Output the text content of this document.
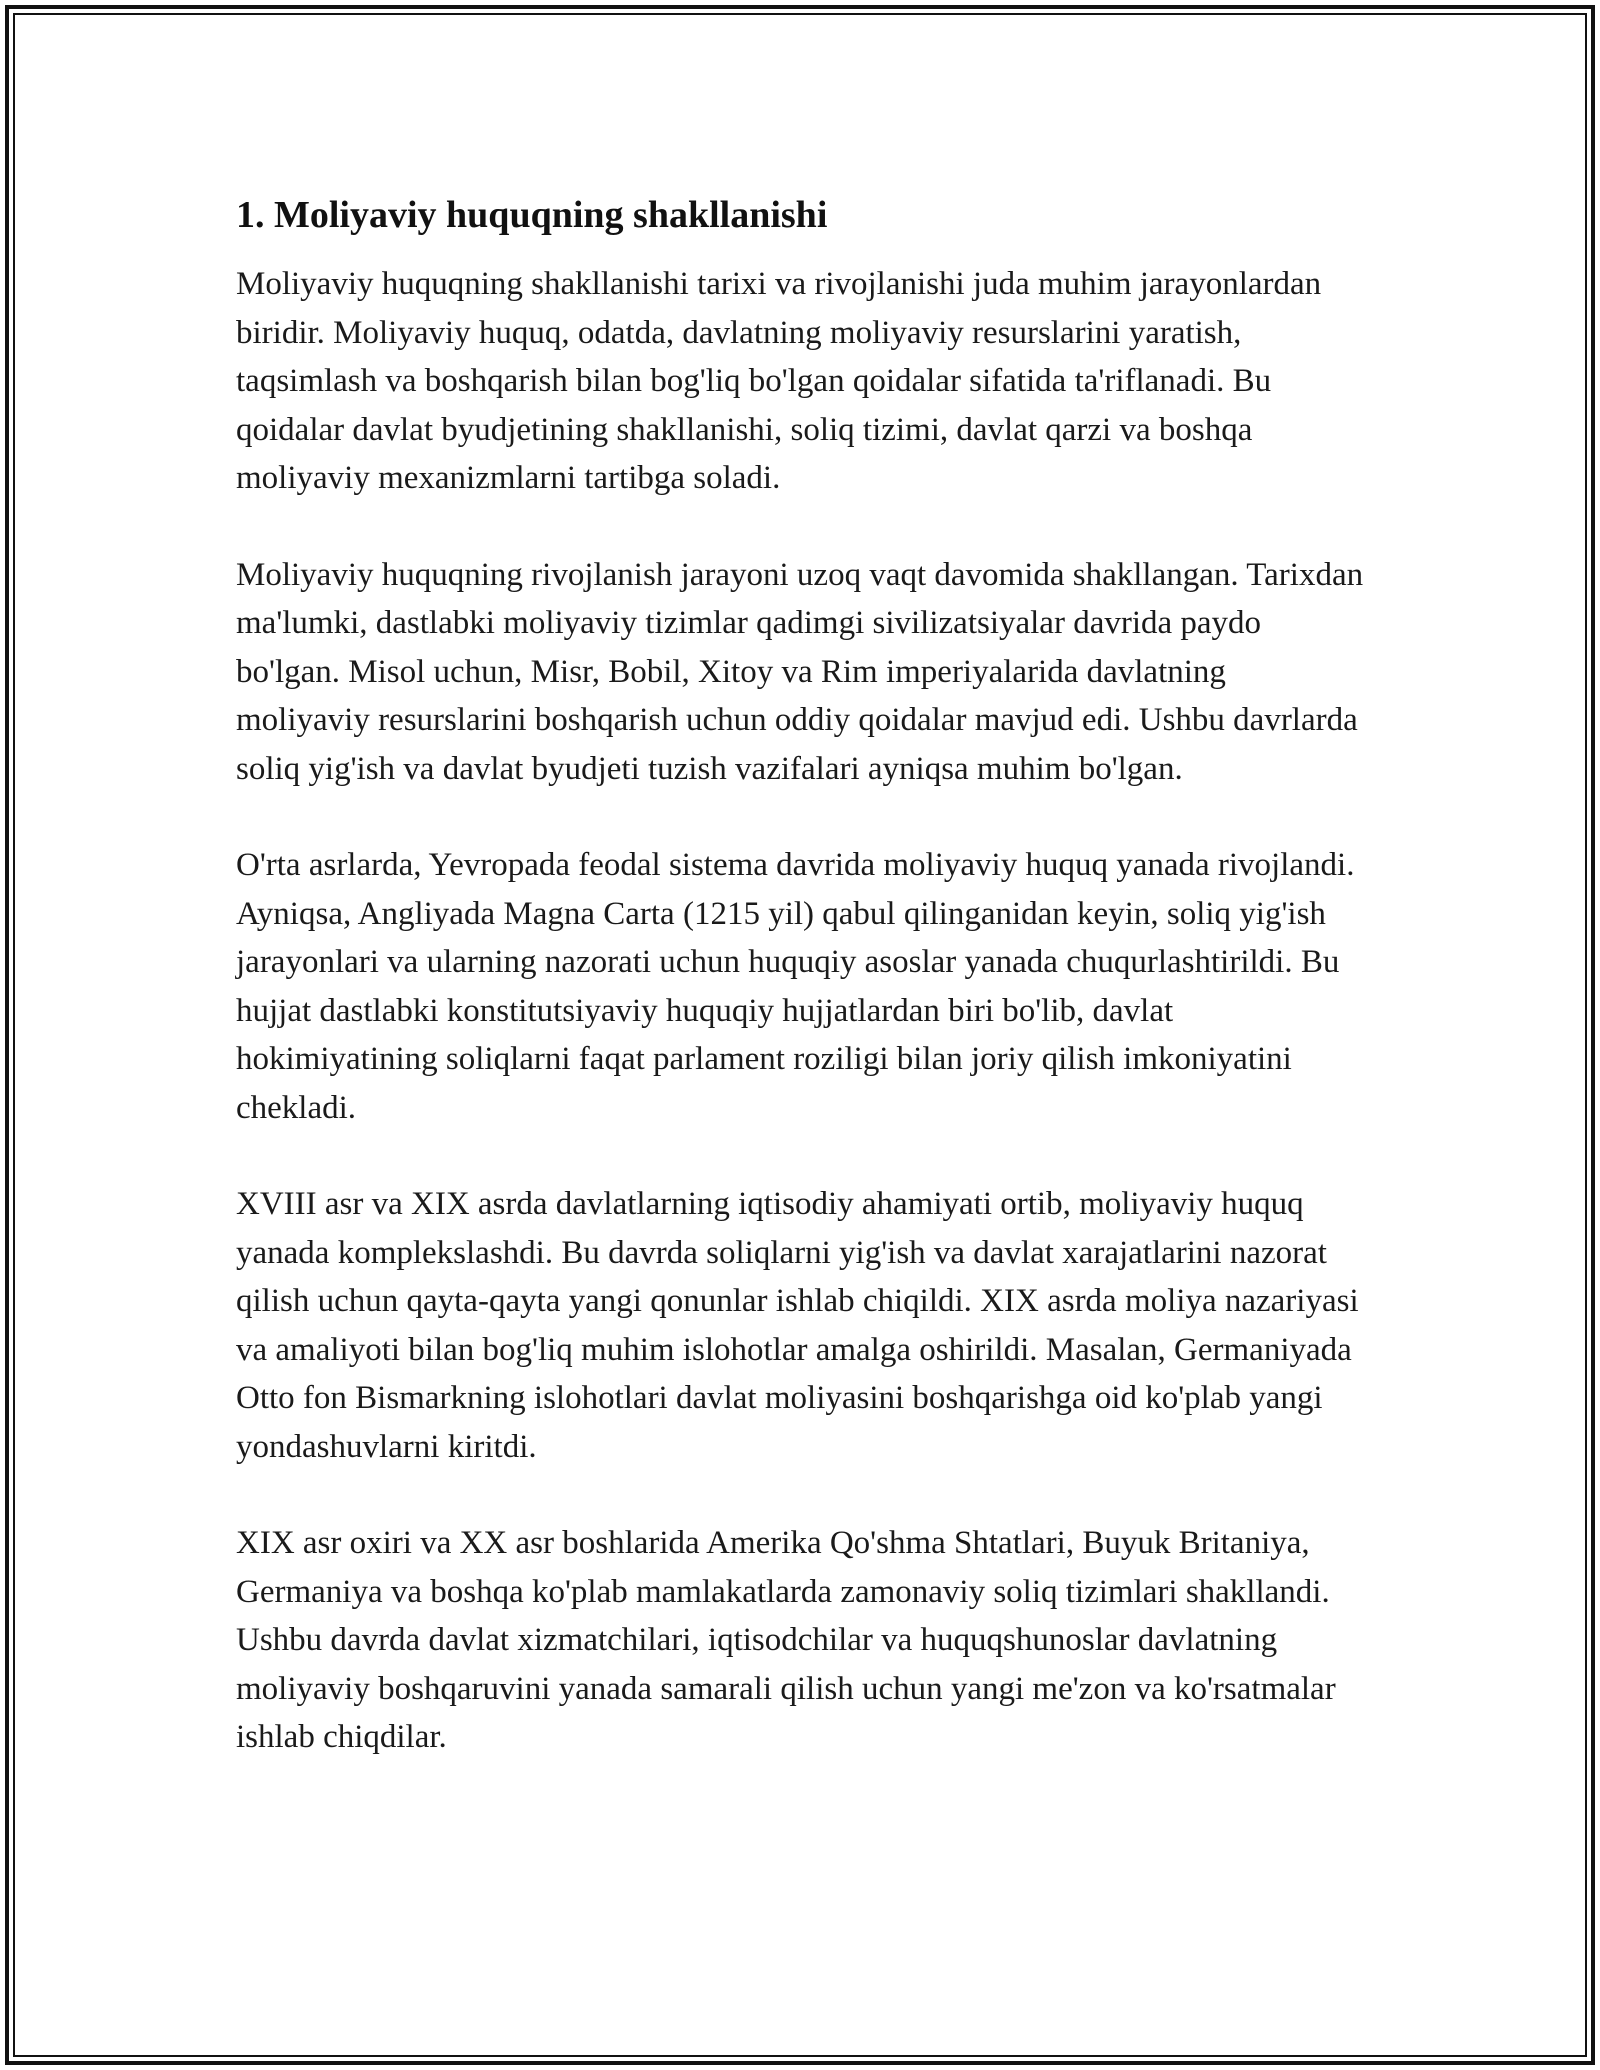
1. Moliyaviy huquqning shakllanishi

Moliyaviy huquqning shakllanishi tarixi va rivojlanishi juda muhim jarayonlardan biridir. Moliyaviy huquq, odatda, davlatning moliyaviy resurslarini yaratish, taqsimlash va boshqarish bilan bog'liq bo'lgan qoidalar sifatida ta'riflanadi. Bu qoidalar davlat byudjetining shakllanishi, soliq tizimi, davlat qarzi va boshqa moliyaviy mexanizmlarni tartibga soladi.

Moliyaviy huquqning rivojlanish jarayoni uzoq vaqt davomida shakllangan. Tarixdan ma'lumki, dastlabki moliyaviy tizimlar qadimgi sivilizatsiyalar davrida paydo bo'lgan. Misol uchun, Misr, Bobil, Xitoy va Rim imperiyalarida davlatning moliyaviy resurslarini boshqarish uchun oddiy qoidalar mavjud edi. Ushbu davrlarda soliq yig'ish va davlat byudjeti tuzish vazifalari ayniqsa muhim bo'lgan.

O'rta asrlarda, Yevropada feodal sistema davrida moliyaviy huquq yanada rivojlandi. Ayniqsa, Angliyada Magna Carta (1215 yil) qabul qilinganidan keyin, soliq yig'ish jarayonlari va ularning nazorati uchun huquqiy asoslar yanada chuqurlashtirildi. Bu hujjat dastlabki konstitutsiyaviy huquqiy hujjatlardan biri bo'lib, davlat hokimiyatining soliqlarni faqat parlament roziligi bilan joriy qilish imkoniyatini chekladi.

XVIII asr va XIX asrda davlatlarning iqtisodiy ahamiyati ortib, moliyaviy huquq yanada komplekslashdi. Bu davrda soliqlarni yig'ish va davlat xarajatlarini nazorat qilish uchun qayta-qayta yangi qonunlar ishlab chiqildi. XIX asrda moliya nazariyasi va amaliyoti bilan bog'liq muhim islohotlar amalga oshirildi. Masalan, Germaniyada Otto fon Bismarkning islohotlari davlat moliyasini boshqarishga oid ko'plab yangi yondashuvlarni kiritdi.

XIX asr oxiri va XX asr boshlarida Amerika Qo'shma Shtatlari, Buyuk Britaniya, Germaniya va boshqa ko'plab mamlakatlarda zamonaviy soliq tizimlari shakllandi. Ushbu davrda davlat xizmatchilari, iqtisodchilar va huquqshunoslar davlatning moliyaviy boshqaruvini yanada samarali qilish uchun yangi me'zon va ko'rsatmalar ishlab chiqdilar.
